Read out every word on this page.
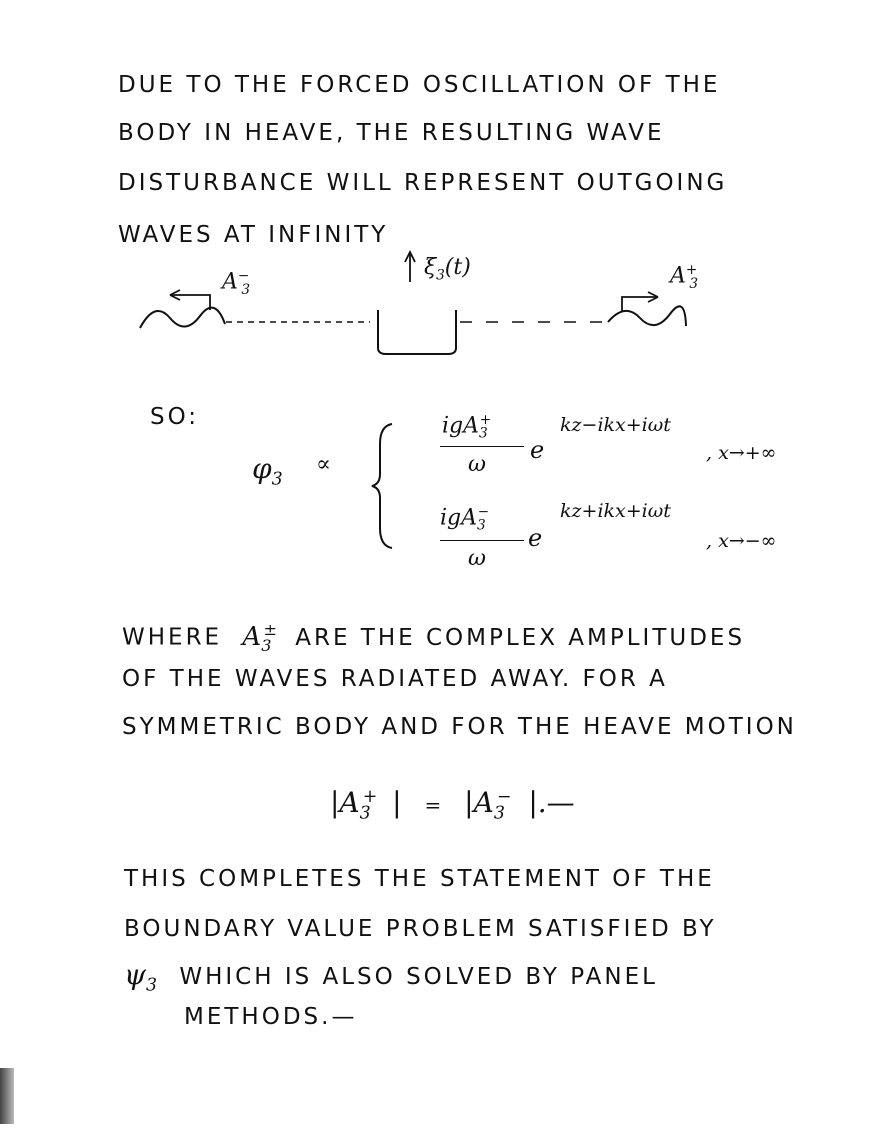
DUE TO THE FORCED OSCILLATION OF THE
BODY IN HEAVE, THE RESULTING WAVE
DISTURBANCE WILL REPRESENT OUTGOING
WAVES AT INFINITY
$A^-_3$
$\xi_3(t)$	$A^+_3$
SO:
$\varphi_3$
∝
igA$_3$+
ω
e
kz−ikx+iωt
, x→+∞
igA$_3$−
ω
e
kz+ikx+iωt
, x→−∞
WHERE $A_3^\pm$ ARE THE COMPLEX AMPLITUDES
OF THE WAVES RADIATED AWAY. FOR A
SYMMETRIC BODY AND FOR THE HEAVE MOTION
$|A_3^+$ | = $|A_3^-$ |.—
THIS COMPLETES THE STATEMENT OF THE
BOUNDARY VALUE PROBLEM SATISFIED BY
$\psi_3$ WHICH IS ALSO SOLVED BY PANEL
METHODS.—
